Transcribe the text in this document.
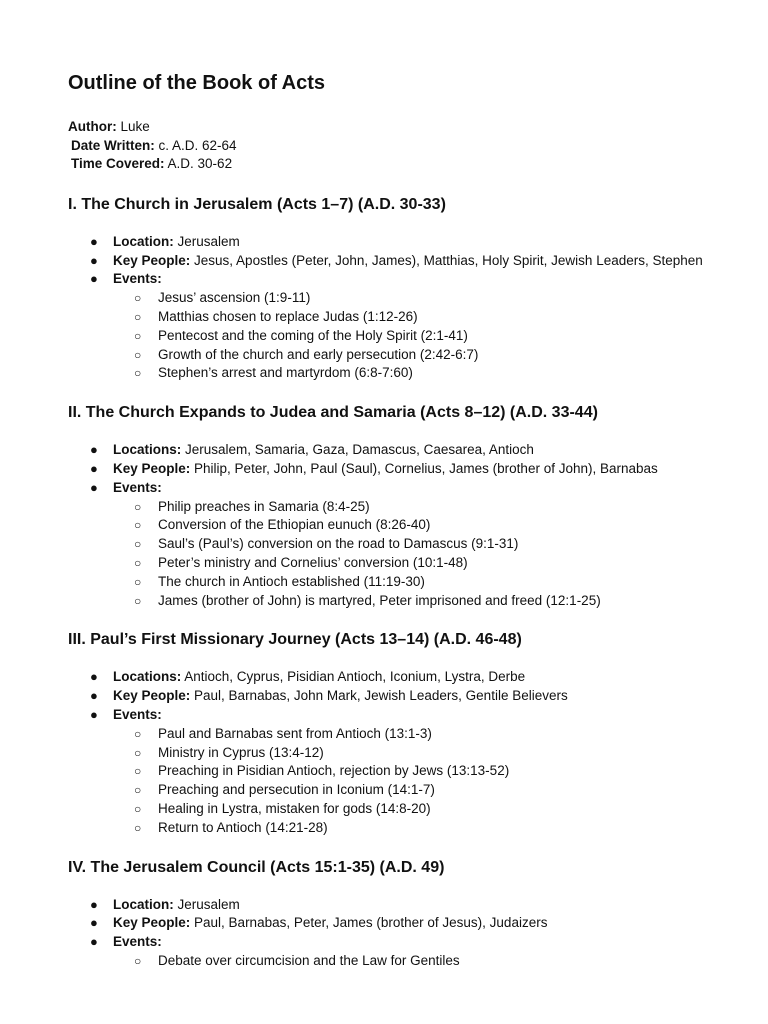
Outline of the Book of Acts
Author: Luke
Date Written: c. A.D. 62-64
Time Covered: A.D. 30-62
I. The Church in Jerusalem (Acts 1–7) (A.D. 30-33)
● Location: Jerusalem
● Key People: Jesus, Apostles (Peter, John, James), Matthias, Holy Spirit, Jewish Leaders, Stephen
● Events:
○ Jesus’ ascension (1:9-11)
○ Matthias chosen to replace Judas (1:12-26)
○ Pentecost and the coming of the Holy Spirit (2:1-41)
○ Growth of the church and early persecution (2:42-6:7)
○ Stephen’s arrest and martyrdom (6:8-7:60)
II. The Church Expands to Judea and Samaria (Acts 8–12) (A.D. 33-44)
● Locations: Jerusalem, Samaria, Gaza, Damascus, Caesarea, Antioch
● Key People: Philip, Peter, John, Paul (Saul), Cornelius, James (brother of John), Barnabas
● Events:
○ Philip preaches in Samaria (8:4-25)
○ Conversion of the Ethiopian eunuch (8:26-40)
○ Saul’s (Paul’s) conversion on the road to Damascus (9:1-31)
○ Peter’s ministry and Cornelius’ conversion (10:1-48)
○ The church in Antioch established (11:19-30)
○ James (brother of John) is martyred, Peter imprisoned and freed (12:1-25)
III. Paul’s First Missionary Journey (Acts 13–14) (A.D. 46-48)
● Locations: Antioch, Cyprus, Pisidian Antioch, Iconium, Lystra, Derbe
● Key People: Paul, Barnabas, John Mark, Jewish Leaders, Gentile Believers
● Events:
○ Paul and Barnabas sent from Antioch (13:1-3)
○ Ministry in Cyprus (13:4-12)
○ Preaching in Pisidian Antioch, rejection by Jews (13:13-52)
○ Preaching and persecution in Iconium (14:1-7)
○ Healing in Lystra, mistaken for gods (14:8-20)
○ Return to Antioch (14:21-28)
IV. The Jerusalem Council (Acts 15:1-35) (A.D. 49)
● Location: Jerusalem
● Key People: Paul, Barnabas, Peter, James (brother of Jesus), Judaizers
● Events:
○ Debate over circumcision and the Law for Gentiles
